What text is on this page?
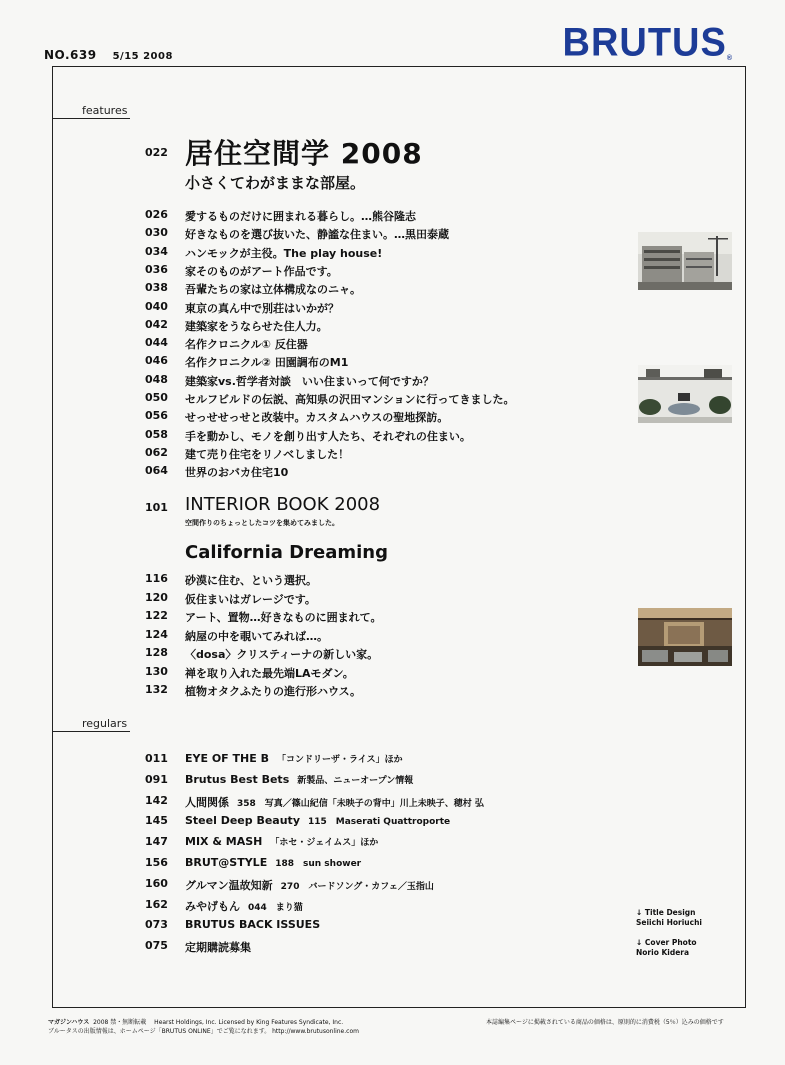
NO.639 5/15 2008	BRUTUS®
features
022 居住空間学 2008
小さくてわがままな部屋。
026	愛するものだけに囲まれる暮らし。…熊谷隆志
030	好きなものを選び抜いた、静謐な住まい。…黒田泰蔵
034	ハンモックが主役。The play house!
036	家そのものがアート作品です。
038	吾輩たちの家は立体構成なのニャ。
040	東京の真ん中で別荘はいかが？
042	建築家をうならせた住人力。
044	名作クロニクル① 反住器
046	名作クロニクル② 田園調布のM1
048	建築家vs.哲学者対談　いい住まいって何ですか？
050	セルフビルドの伝説、高知県の沢田マンションに行ってきました。
056	せっせせっせと改装中。カスタムハウスの聖地探訪。
058	手を動かし、モノを創り出す人たち、それぞれの住まい。
062	建て売り住宅をリノベしました！
064	世界のおバカ住宅10
101 INTERIOR BOOK 2008
空間作りのちょっとしたコツを集めてみました。
California Dreaming
116	砂漠に住む、という選択。
120	仮住まいはガレージです。
122	アート、置物…好きなものに囲まれて。
124	納屋の中を覗いてみれば…。
128	〈dosa〉クリスティーナの新しい家。
130	禅を取り入れた最先端LAモダン。
132	植物オタクふたりの進行形ハウス。
regulars
011	EYE OF THE B 「コンドリーザ・ライス」ほか
091	Brutus Best Bets 新製品、ニューオープン情報
142	人間関係 358　写真／篠山紀信「未映子の背中」川上未映子、穂村 弘
145	Steel Deep Beauty 115　Maserati Quattroporte
147	MIX & MASH 「ホセ・ジェイムス」ほか
156	BRUT@STYLE 188　sun shower
160	グルマン温故知新 270　バードソング・カフェ／玉指山
162	みやげもん 044　まり猫
073	BRUTUS BACK ISSUES
075	定期購読募集
↓ Title Design
Seiichi Horiuchi
↓ Cover Photo
Norio Kidera
マガジンハウス 2008 禁・無断転載　 Hearst Holdings, Inc. Licensed by King Features Syndicate, Inc.
ブルータスの出版情報は、ホームページ「BRUTUS ONLINE」でご覧になれます。 http://www.brutusonline.com
本誌編集ページに掲載されている商品の価格は、原則的に消費税（5％）込みの価格です
